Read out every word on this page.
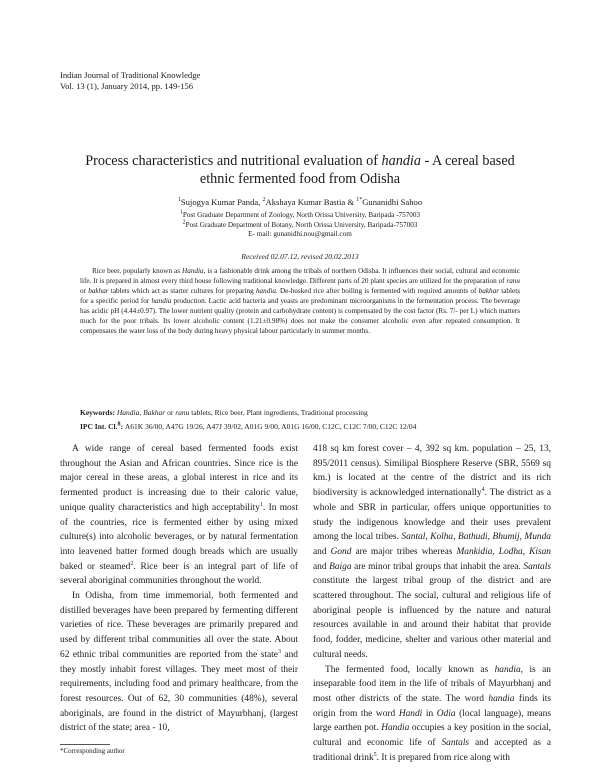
Indian Journal of Traditional Knowledge
Vol. 13 (1), January 2014, pp. 149-156
Process characteristics and nutritional evaluation of handia - A cereal based
ethnic fermented food from Odisha
$^1$Sujogya Kumar Panda, $^2$Akshaya Kumar Bastia & $^{1*}$Gunanidhi Sahoo
$^1$Post Graduate Department of Zoology, North Orissa University, Baripada -757003
$^2$Post Graduate Department of Botany, North Orissa University, Baripada-757003
E- mail: gunanidhi.nou@gmail.com
Received 02.07.12, revised 20.02.2013

Rice beer, popularly known as Handia, is a fashionable drink among the tribals of northern Odisha. It influences their social, cultural and economic life. It is prepared in almost every third house following traditional knowledge. Different parts of 20 plant species are utilized for the preparation of ranu or bakhar tablets which act as starter cultures for preparing handia. De-husked rice after boiling is fermented with required amounts of bakhar tablets for a specific period for handia production. Lactic acid bacteria and yeasts are predominant microorganisms in the fermentation process. The beverage has acidic pH (4.44±0.97). The lower nutrient quality (protein and carbohydrate content) is compensated by the cost factor (Rs. 7/- per L) which matters much for the poor tribals. Its lower alcoholic content (1.21±0.98%) does not make the consumer alcoholic even after repeated consumption. It compensates the water loss of the body during heavy physical labour particularly in summer months.

Keywords: Handia, Bakhar or ranu tablets, Rice beer, Plant ingredients, Traditional processing
IPC Int. Cl.$^8$: A61K 36/00, A47G 19/26, A47J 39/02, A01G 9/00, A01G 16/00, C12C, C12C 7/00, C12C 12/04

A wide range of cereal based fermented foods exist throughout the Asian and African countries. Since rice is the major cereal in these areas, a global interest in rice and its fermented product is increasing due to their caloric value, unique quality characteristics and high acceptability$^1$. In most of the countries, rice is fermented either by using mixed culture(s) into alcoholic beverages, or by natural fermentation into leavened batter formed dough breads which are usually baked or steamed$^2$. Rice beer is an integral part of life of several aboriginal communities throughout the world.

In Odisha, from time immemorial, both fermented and distilled beverages have been prepared by fermenting different varieties of rice. These beverages are primarily prepared and used by different tribal communities all over the state. About 62 ethnic tribal communities are reported from the state$^3$ and they mostly inhabit forest villages. They meet most of their requirements, including food and primary healthcare, from the forest resources. Out of 62, 30 communities (48%), several aboriginals, are found in the district of Mayurbhanj, (largest district of the state; area - 10,

418 sq km forest cover – 4, 392 sq km. population – 25, 13, 895/2011 census). Similipal Biosphere Reserve (SBR, 5569 sq km.) is located at the centre of the district and its rich biodiversity is acknowledged internationally$^4$. The district as a whole and SBR in particular, offers unique opportunities to study the indigenous knowledge and their uses prevalent among the local tribes. Santal, Kolha, Bathudi, Bhumij, Munda and Gond are major tribes whereas Mankidia, Lodha, Kisan and Baiga are minor tribal groups that inhabit the area. Santals constitute the largest tribal group of the district and are scattered throughout. The social, cultural and religious life of aboriginal people is influenced by the nature and natural resources available in and around their habitat that provide food, fodder, medicine, shelter and various other material and cultural needs.

The fermented food, locally known as handia, is an inseparable food item in the life of tribals of Mayurbhanj and most other districts of the state. The word handia finds its origin from the word Handi in Odia (local language), means large earthen pot. Handia occupies a key position in the social, cultural and economic life of Santals and accepted as a traditional drink$^5$. It is prepared from rice along with

*Corresponding author
